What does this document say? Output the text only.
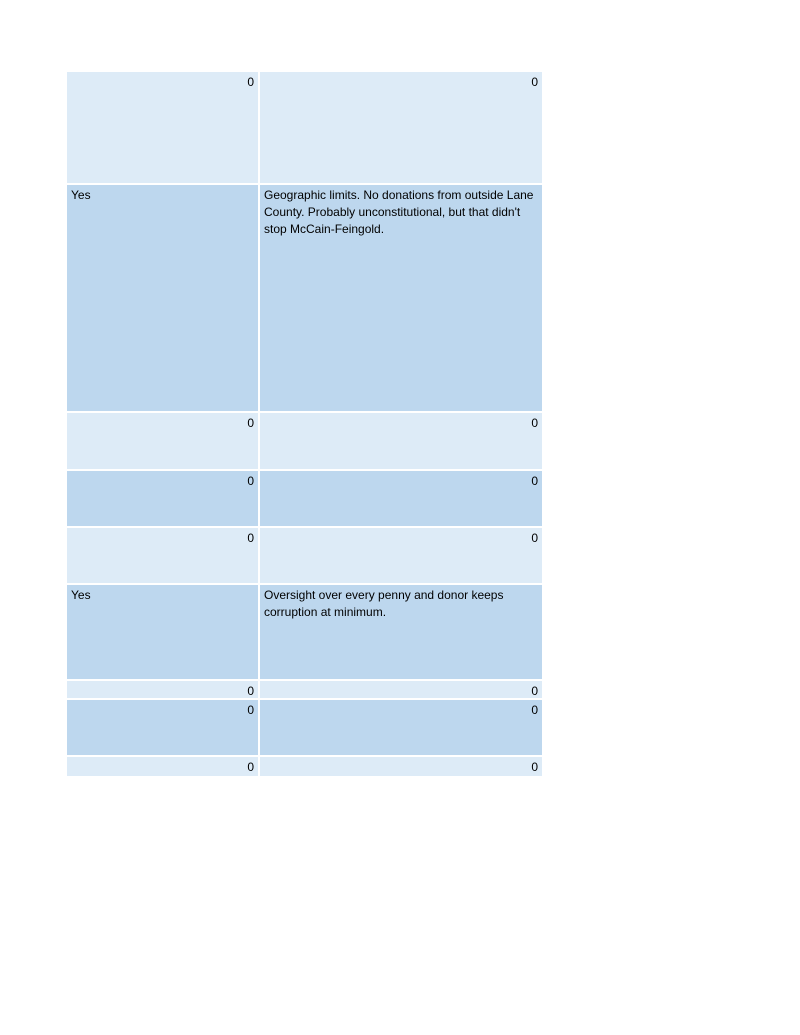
0	0
Yes	Geographic limits. No donations from outside Lane County. Probably unconstitutional, but that didn't stop McCain-Feingold.
0	0
0	0
0	0
Yes	Oversight over every penny and donor keeps corruption at minimum.
0	0
0	0
0	0
